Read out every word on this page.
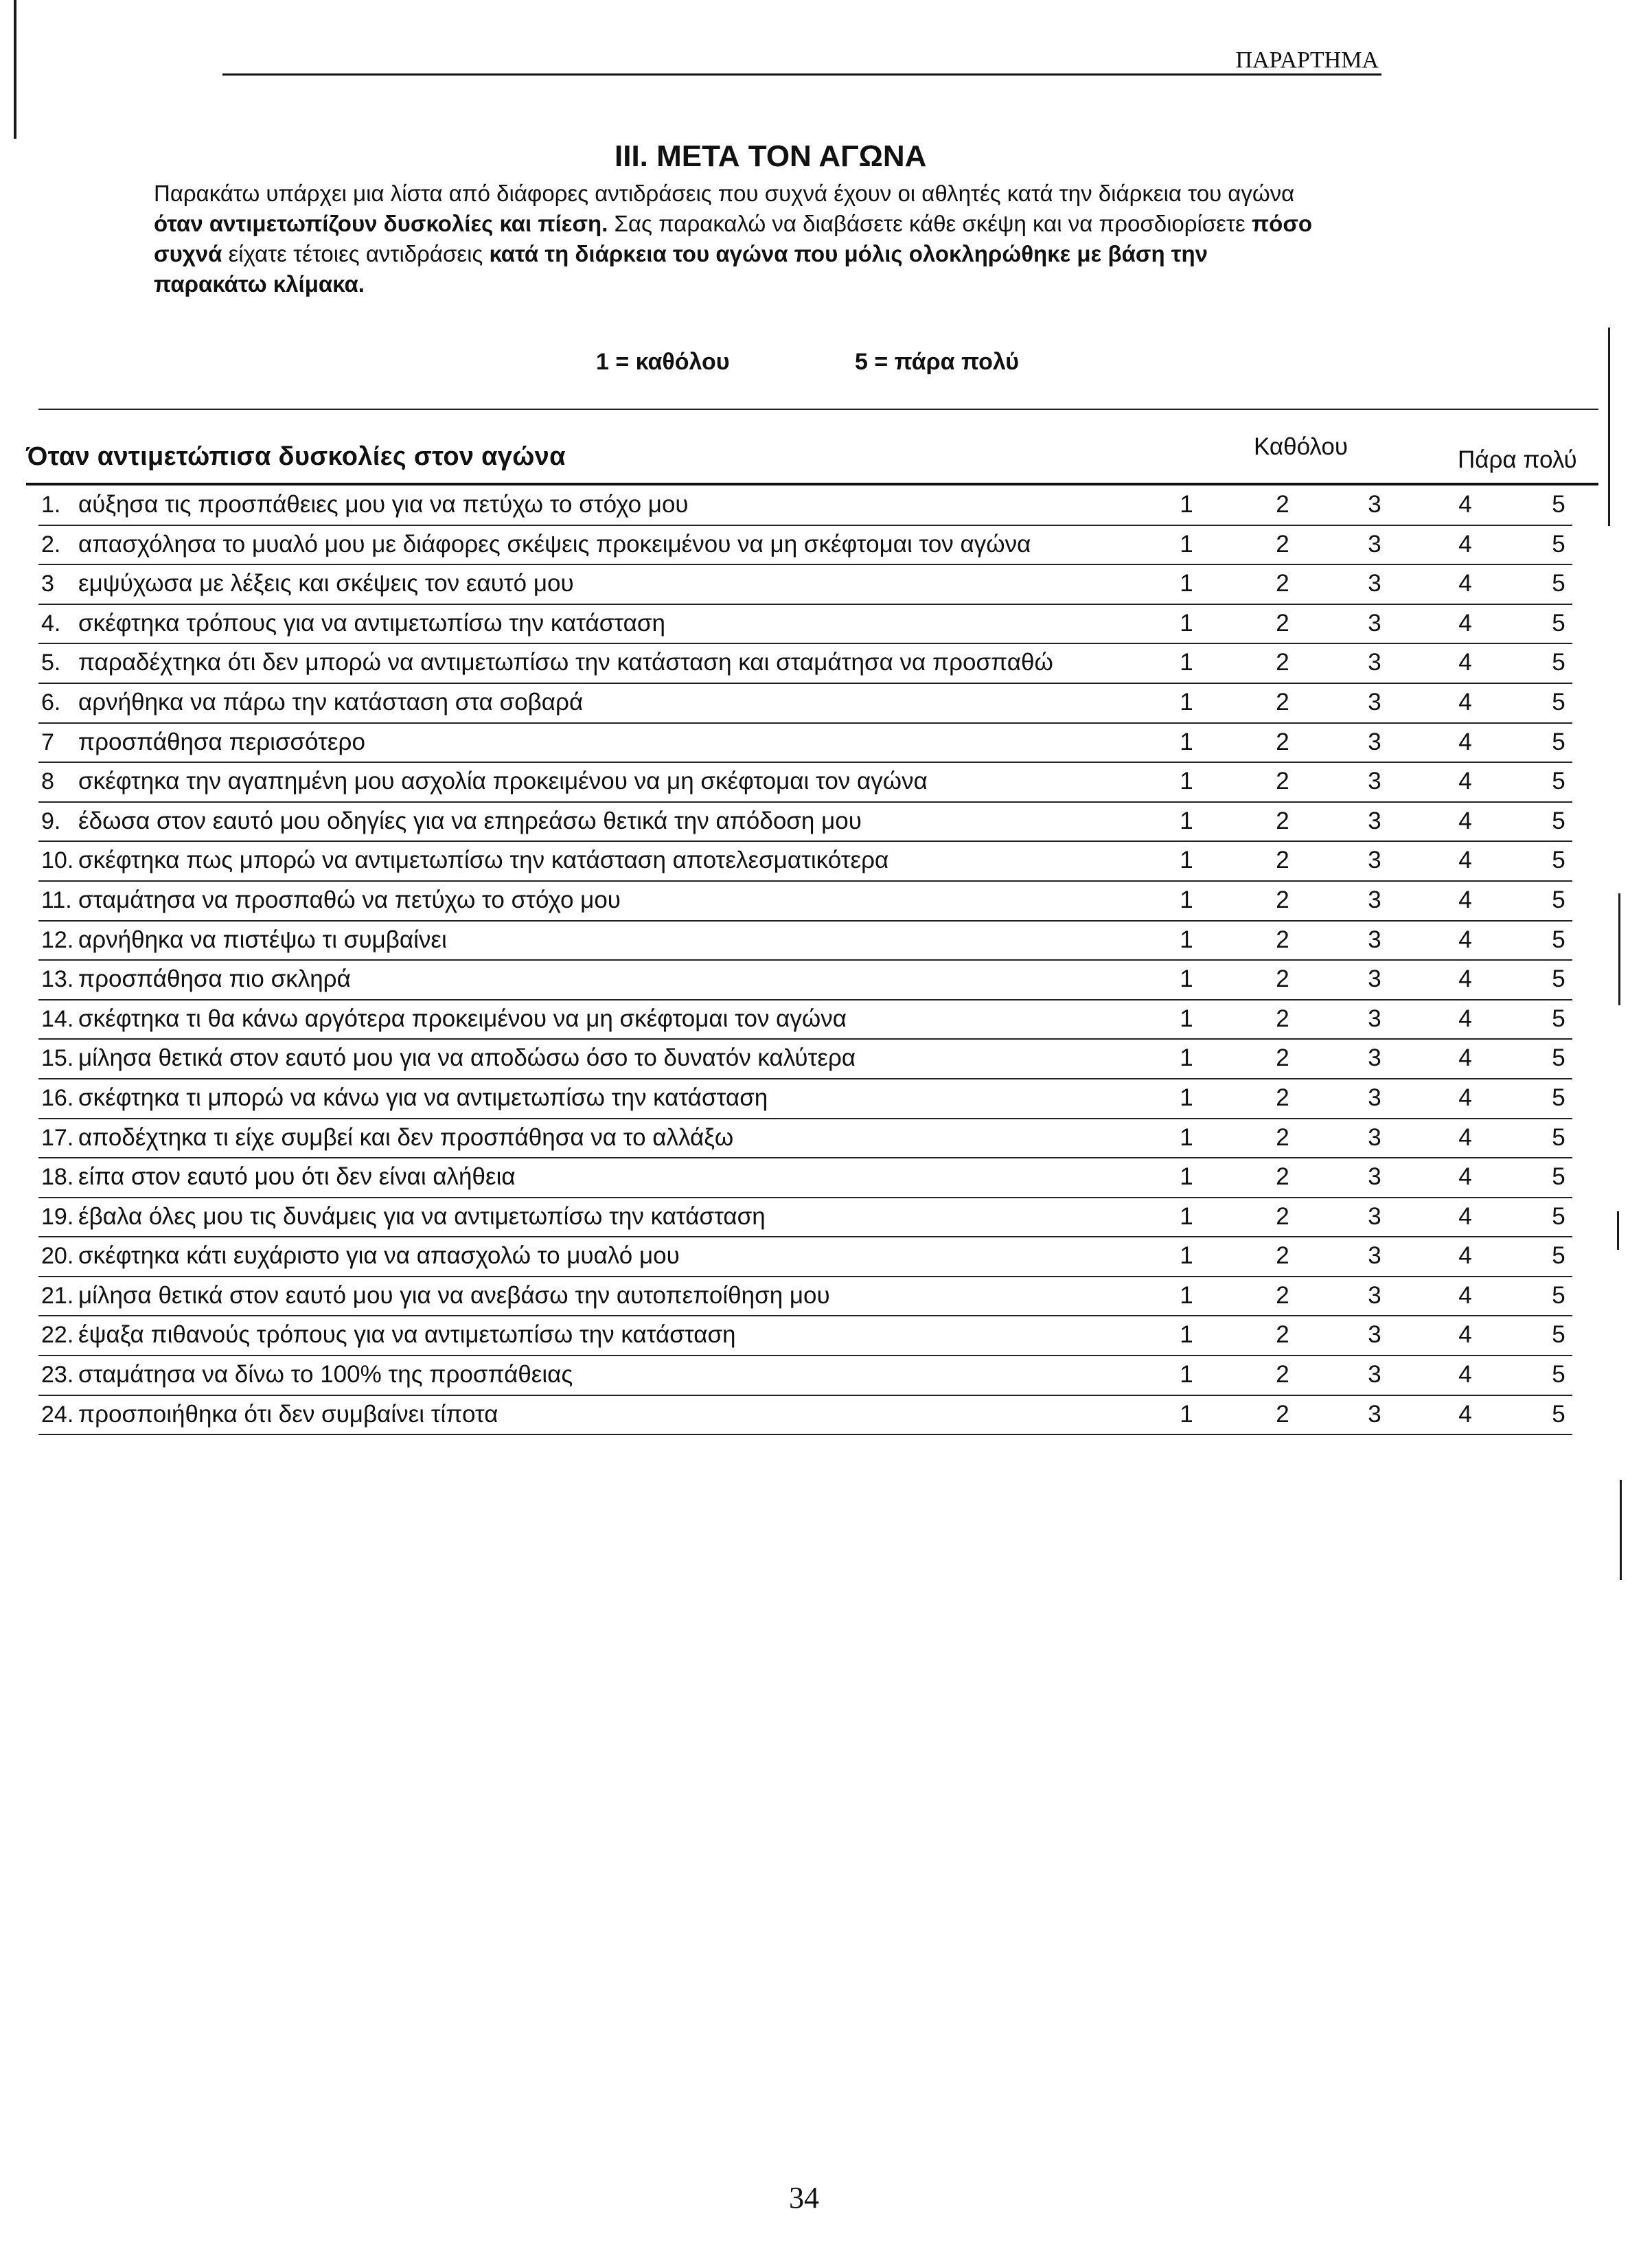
ΠΑΡΑΡΤΗΜΑ
III. ΜΕΤΑ ΤΟΝ ΑΓΩΝΑ
Παρακάτω υπάρχει μια λίστα από διάφορες αντιδράσεις που συχνά έχουν οι αθλητές κατά την διάρκεια του αγώνα
όταν αντιμετωπίζουν δυσκολίες και πίεση. Σας παρακαλώ να διαβάσετε κάθε σκέψη και να προσδιορίσετε πόσο
συχνά είχατε τέτοιες αντιδράσεις κατά τη διάρκεια του αγώνα που μόλις ολοκληρώθηκε με βάση την
παρακάτω κλίμακα.
1 = καθόλου	5 = πάρα πολύ
Όταν αντιμετώπισα δυσκολίες στον αγώνα	Καθόλου	Πάρα πολύ
1. αύξησα τις προσπάθειες μου για να πετύχω το στόχο μου	1	2	3	4	5
2. απασχόλησα το μυαλό μου με διάφορες σκέψεις προκειμένου να μη σκέφτομαι τον αγώνα	1	2	3	4	5
3 εμψύχωσα με λέξεις και σκέψεις τον εαυτό μου	1	2	3	4	5
4. σκέφτηκα τρόπους για να αντιμετωπίσω την κατάσταση	1	2	3	4	5
5. παραδέχτηκα ότι δεν μπορώ να αντιμετωπίσω την κατάσταση και σταμάτησα να προσπαθώ	1	2	3	4	5
6. αρνήθηκα να πάρω την κατάσταση στα σοβαρά	1	2	3	4	5
7 προσπάθησα περισσότερο	1	2	3	4	5
8 σκέφτηκα την αγαπημένη μου ασχολία προκειμένου να μη σκέφτομαι τον αγώνα	1	2	3	4	5
9. έδωσα στον εαυτό μου οδηγίες για να επηρεάσω θετικά την απόδοση μου	1	2	3	4	5
10. σκέφτηκα πως μπορώ να αντιμετωπίσω την κατάσταση αποτελεσματικότερα	1	2	3	4	5
11. σταμάτησα να προσπαθώ να πετύχω το στόχο μου	1	2	3	4	5
12. αρνήθηκα να πιστέψω τι συμβαίνει	1	2	3	4	5
13. προσπάθησα πιο σκληρά	1	2	3	4	5
14. σκέφτηκα τι θα κάνω αργότερα προκειμένου να μη σκέφτομαι τον αγώνα	1	2	3	4	5
15. μίλησα θετικά στον εαυτό μου για να αποδώσω όσο το δυνατόν καλύτερα	1	2	3	4	5
16. σκέφτηκα τι μπορώ να κάνω για να αντιμετωπίσω την κατάσταση	1	2	3	4	5
17. αποδέχτηκα τι είχε συμβεί και δεν προσπάθησα να το αλλάξω	1	2	3	4	5
18. είπα στον εαυτό μου ότι δεν είναι αλήθεια	1	2	3	4	5
19. έβαλα όλες μου τις δυνάμεις για να αντιμετωπίσω την κατάσταση	1	2	3	4	5
20. σκέφτηκα κάτι ευχάριστο για να απασχολώ το μυαλό μου	1	2	3	4	5
21. μίλησα θετικά στον εαυτό μου για να ανεβάσω την αυτοπεποίθηση μου	1	2	3	4	5
22. έψαξα πιθανούς τρόπους για να αντιμετωπίσω την κατάσταση	1	2	3	4	5
23. σταμάτησα να δίνω το 100% της προσπάθειας	1	2	3	4	5
24. προσποιήθηκα ότι δεν συμβαίνει τίποτα	1	2	3	4	5
34
